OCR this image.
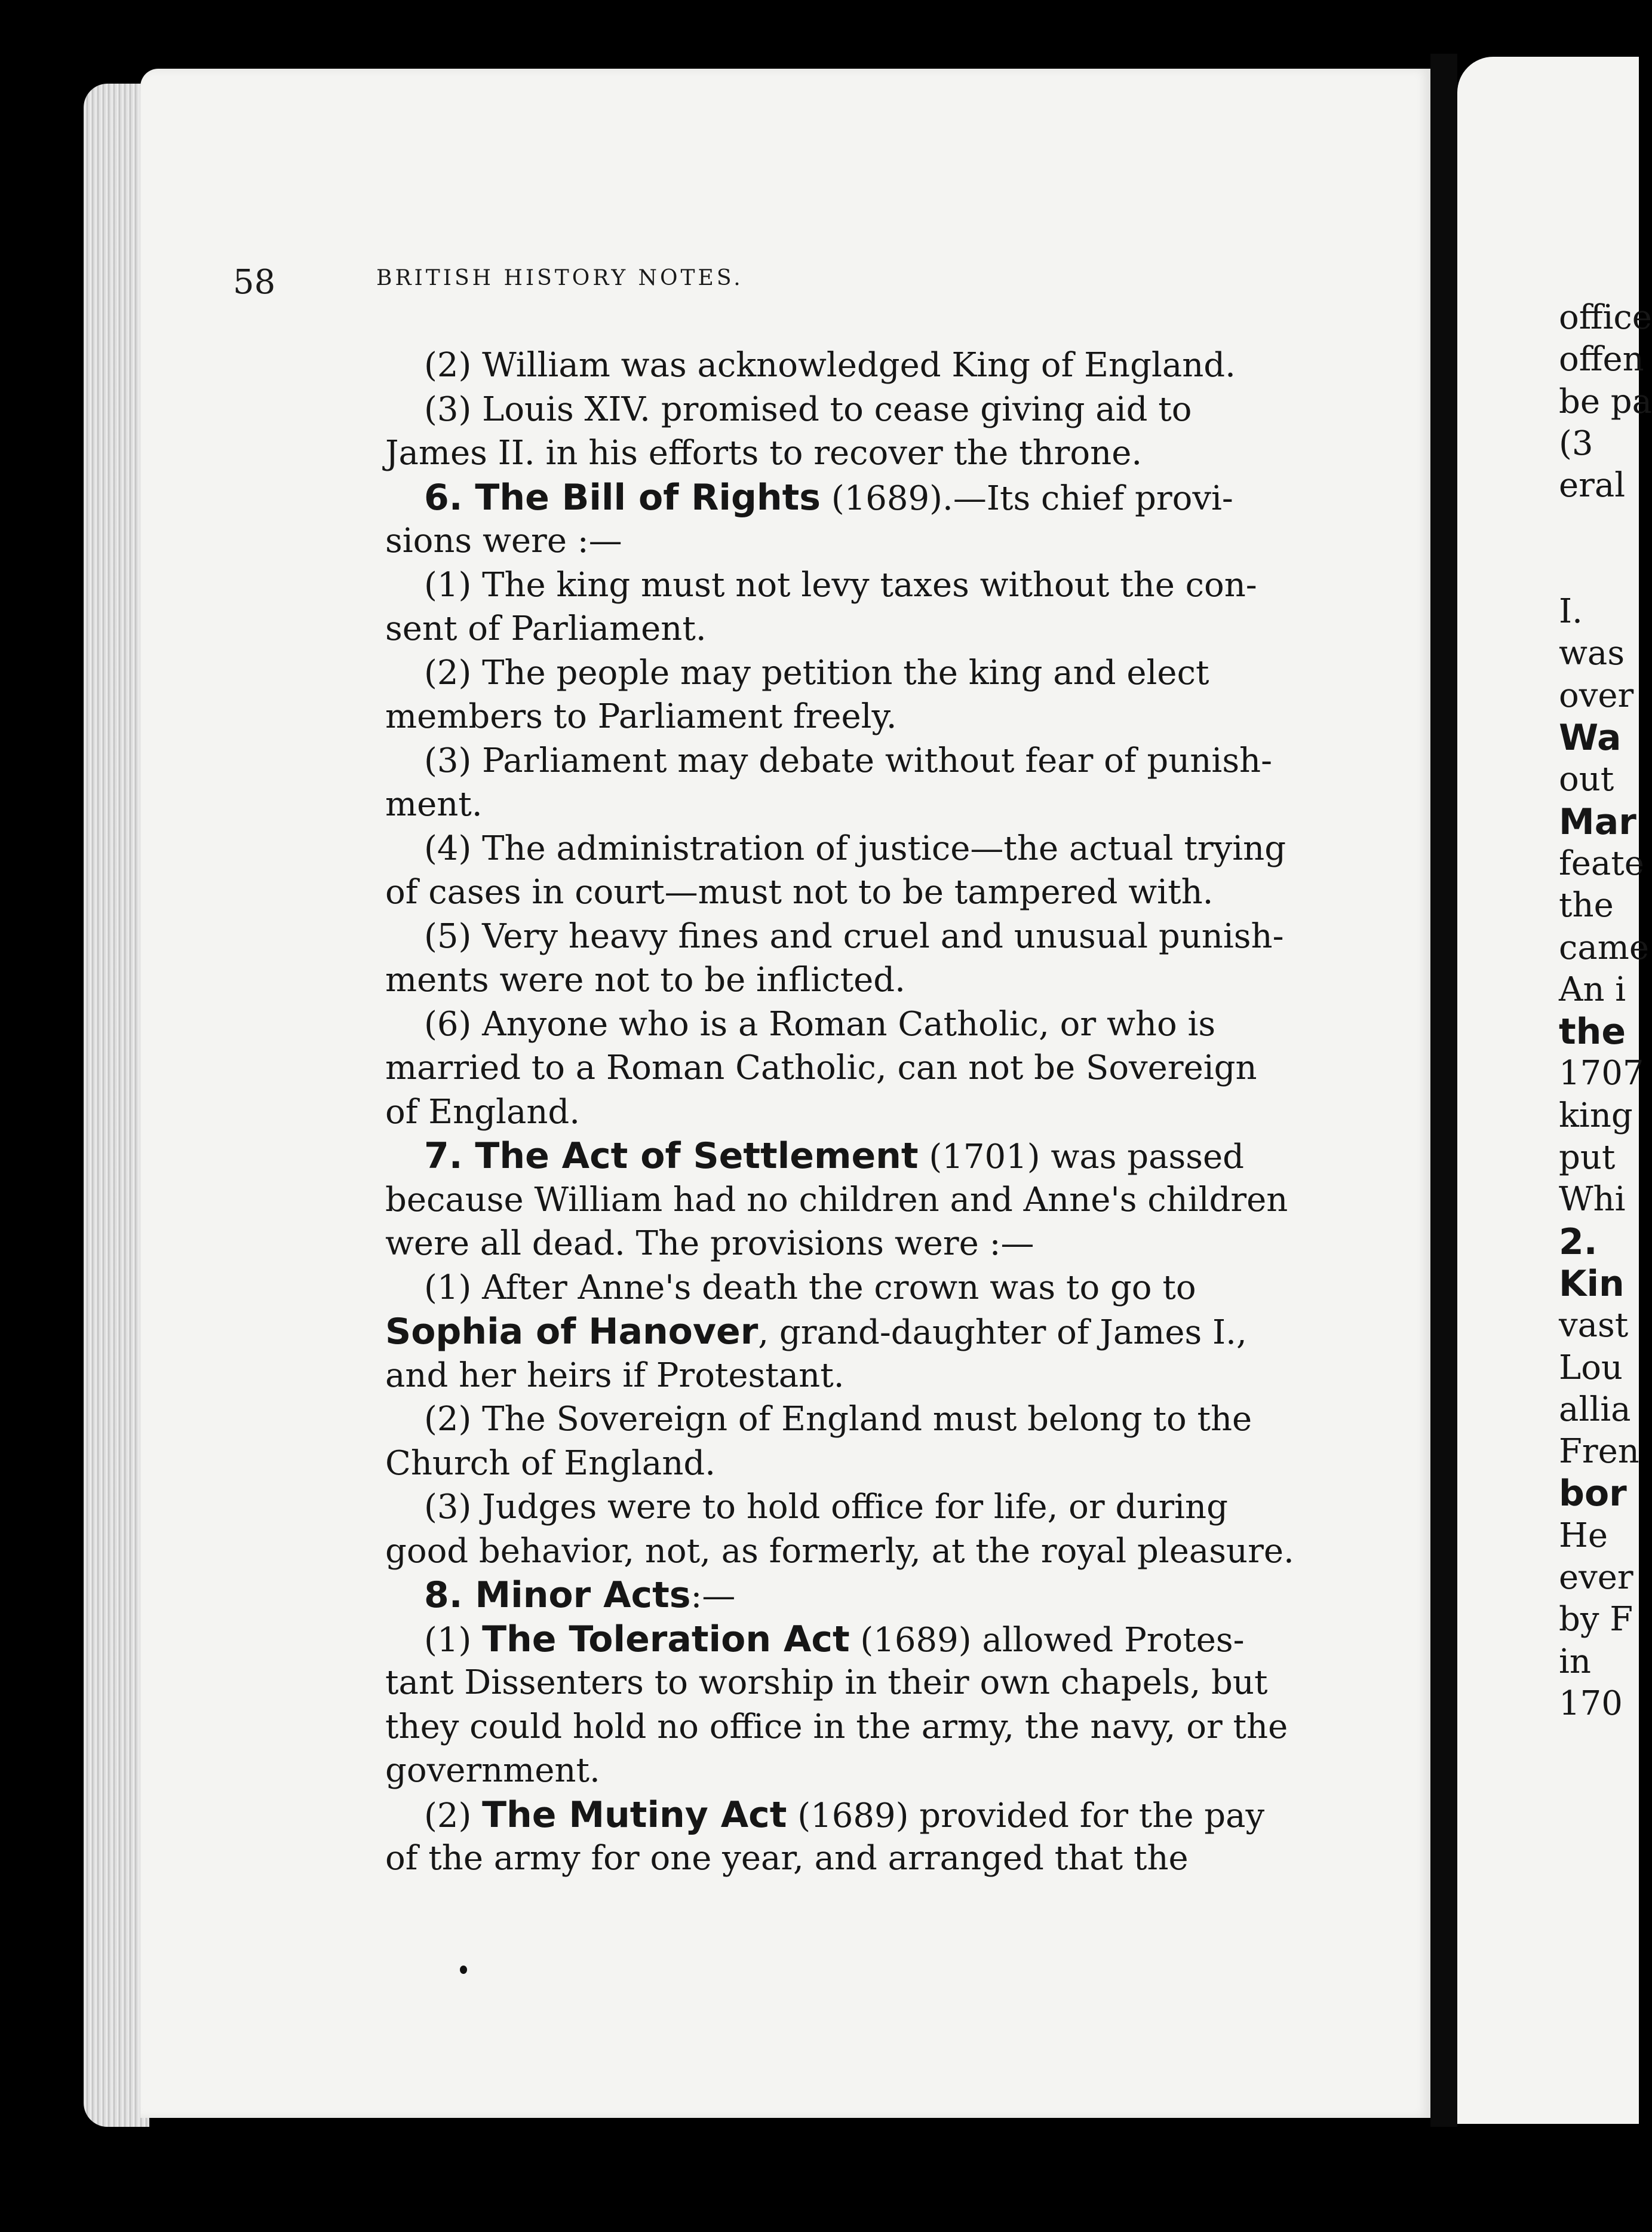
office
offen
be pa
(3
eral
I.
was
over
Wa
out
Mar
feate
the
came
An i
the
1707
king
put
Whi
2.
Kin
vast
Lou
allia
Fren
bor
He
ever
by F
in
170
58	BRITISH HISTORY NOTES.
(2) William was acknowledged King of England.
(3) Louis XIV. promised to cease giving aid to
James II. in his efforts to recover the throne.
6. The Bill of Rights (1689).—Its chief provi-
sions were :—
(1) The king must not levy taxes without the con-
sent of Parliament.
(2) The people may petition the king and elect
members to Parliament freely.
(3) Parliament may debate without fear of punish-
ment.
(4) The administration of justice—the actual trying
of cases in court—must not to be tampered with.
(5) Very heavy fines and cruel and unusual punish-
ments were not to be inflicted.
(6) Anyone who is a Roman Catholic, or who is
married to a Roman Catholic, can not be Sovereign
of England.
7. The Act of Settlement (1701) was passed
because William had no children and Anne's children
were all dead. The provisions were :—
(1) After Anne's death the crown was to go to
Sophia of Hanover, grand-daughter of James I.,
and her heirs if Protestant.
(2) The Sovereign of England must belong to the
Church of England.
(3) Judges were to hold office for life, or during
good behavior, not, as formerly, at the royal pleasure.
8. Minor Acts:—
(1) The Toleration Act (1689) allowed Protes-
tant Dissenters to worship in their own chapels, but
they could hold no office in the army, the navy, or the
government.
(2) The Mutiny Act (1689) provided for the pay
of the army for one year, and arranged that the
